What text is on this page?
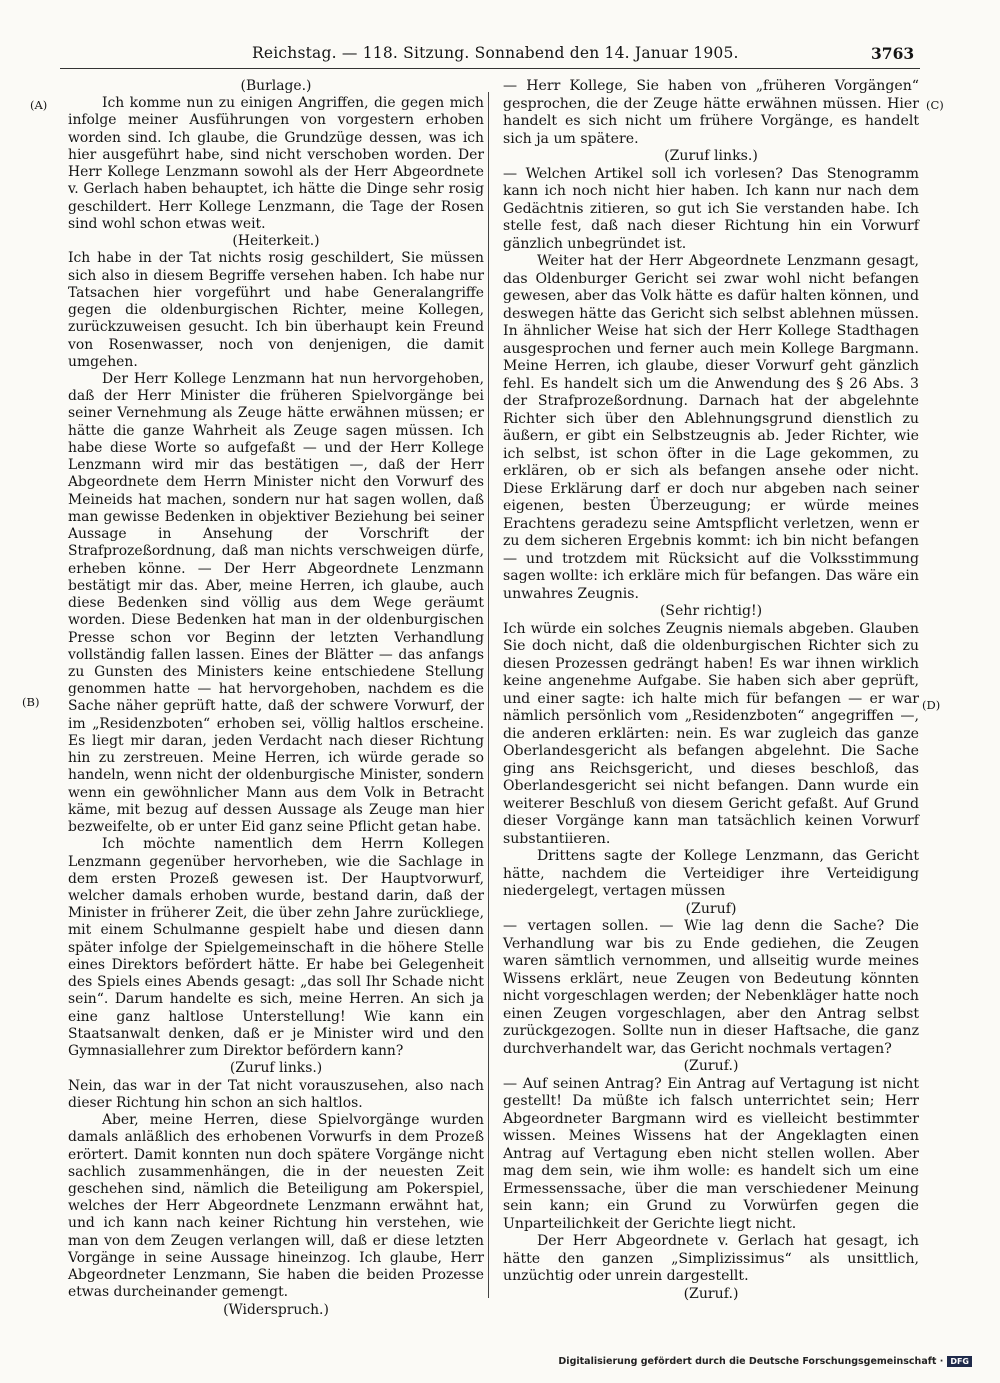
Reichstag. — 118. Sitzung. Sonnabend den 14. Januar 1905.	3763
(A)
(B)
(C)
(D)

(Burlage.)

Ich komme nun zu einigen Angriffen, die gegen mich infolge meiner Ausführungen von vorgestern erhoben worden sind. Ich glaube, die Grundzüge dessen, was ich hier ausgeführt habe, sind nicht verschoben worden. Der Herr Kollege Lenzmann sowohl als der Herr Abgeordnete v. Gerlach haben behauptet, ich hätte die Dinge sehr rosig geschildert. Herr Kollege Lenzmann, die Tage der Rosen sind wohl schon etwas weit.

(Heiterkeit.)

Ich habe in der Tat nichts rosig geschildert, Sie müssen sich also in diesem Begriffe versehen haben. Ich habe nur Tatsachen hier vorgeführt und habe Generalangriffe gegen die oldenburgischen Richter, meine Kollegen, zurückzuweisen gesucht. Ich bin überhaupt kein Freund von Rosenwasser, noch von denjenigen, die damit umgehen.

Der Herr Kollege Lenzmann hat nun hervorgehoben, daß der Herr Minister die früheren Spielvorgänge bei seiner Vernehmung als Zeuge hätte erwähnen müssen; er hätte die ganze Wahrheit als Zeuge sagen müssen. Ich habe diese Worte so aufgefaßt — und der Herr Kollege Lenzmann wird mir das bestätigen —, daß der Herr Abgeordnete dem Herrn Minister nicht den Vorwurf des Meineids hat machen, sondern nur hat sagen wollen, daß man gewisse Bedenken in objektiver Beziehung bei seiner Aussage in Ansehung der Vorschrift der Strafprozeßordnung, daß man nichts verschweigen dürfe, erheben könne. — Der Herr Abgeordnete Lenzmann bestätigt mir das. Aber, meine Herren, ich glaube, auch diese Bedenken sind völlig aus dem Wege geräumt worden. Diese Bedenken hat man in der oldenburgischen Presse schon vor Beginn der letzten Verhandlung vollständig fallen lassen. Eines der Blätter — das anfangs zu Gunsten des Ministers keine entschiedene Stellung genommen hatte — hat hervorgehoben, nachdem es die Sache näher geprüft hatte, daß der schwere Vorwurf, der im „Residenzboten“ erhoben sei, völlig haltlos erscheine. Es liegt mir daran, jeden Verdacht nach dieser Richtung hin zu zerstreuen. Meine Herren, ich würde gerade so handeln, wenn nicht der oldenburgische Minister, sondern wenn ein gewöhnlicher Mann aus dem Volk in Betracht käme, mit bezug auf dessen Aussage als Zeuge man hier bezweifelte, ob er unter Eid ganz seine Pflicht getan habe.

Ich möchte namentlich dem Herrn Kollegen Lenzmann gegenüber hervorheben, wie die Sachlage in dem ersten Prozeß gewesen ist. Der Hauptvorwurf, welcher damals erhoben wurde, bestand darin, daß der Minister in früherer Zeit, die über zehn Jahre zurückliege, mit einem Schulmanne gespielt habe und diesen dann später infolge der Spielgemeinschaft in die höhere Stelle eines Direktors befördert hätte. Er habe bei Gelegenheit des Spiels eines Abends gesagt: „das soll Ihr Schade nicht sein“. Darum handelte es sich, meine Herren. An sich ja eine ganz haltlose Unterstellung! Wie kann ein Staatsanwalt denken, daß er je Minister wird und den Gymnasiallehrer zum Direktor befördern kann?

(Zuruf links.)

Nein, das war in der Tat nicht vorauszusehen, also nach dieser Richtung hin schon an sich haltlos.

Aber, meine Herren, diese Spielvorgänge wurden damals anläßlich des erhobenen Vorwurfs in dem Prozeß erörtert. Damit konnten nun doch spätere Vorgänge nicht sachlich zusammenhängen, die in der neuesten Zeit geschehen sind, nämlich die Beteiligung am Pokerspiel, welches der Herr Abgeordnete Lenzmann erwähnt hat, und ich kann nach keiner Richtung hin verstehen, wie man von dem Zeugen verlangen will, daß er diese letzten Vorgänge in seine Aussage hineinzog. Ich glaube, Herr Abgeordneter Lenzmann, Sie haben die beiden Prozesse etwas durcheinander gemengt.

(Widerspruch.)

— Herr Kollege, Sie haben von „früheren Vorgängen“ gesprochen, die der Zeuge hätte erwähnen müssen. Hier handelt es sich nicht um frühere Vorgänge, es handelt sich ja um spätere.

(Zuruf links.)

— Welchen Artikel soll ich vorlesen? Das Stenogramm kann ich noch nicht hier haben. Ich kann nur nach dem Gedächtnis zitieren, so gut ich Sie verstanden habe. Ich stelle fest, daß nach dieser Richtung hin ein Vorwurf gänzlich unbegründet ist.

Weiter hat der Herr Abgeordnete Lenzmann gesagt, das Oldenburger Gericht sei zwar wohl nicht befangen gewesen, aber das Volk hätte es dafür halten können, und deswegen hätte das Gericht sich selbst ablehnen müssen. In ähnlicher Weise hat sich der Herr Kollege Stadthagen ausgesprochen und ferner auch mein Kollege Bargmann. Meine Herren, ich glaube, dieser Vorwurf geht gänzlich fehl. Es handelt sich um die Anwendung des § 26 Abs. 3 der Strafprozeßordnung. Darnach hat der abgelehnte Richter sich über den Ablehnungsgrund dienstlich zu äußern, er gibt ein Selbstzeugnis ab. Jeder Richter, wie ich selbst, ist schon öfter in die Lage gekommen, zu erklären, ob er sich als befangen ansehe oder nicht. Diese Erklärung darf er doch nur abgeben nach seiner eigenen, besten Überzeugung; er würde meines Erachtens geradezu seine Amtspflicht verletzen, wenn er zu dem sicheren Ergebnis kommt: ich bin nicht befangen — und trotzdem mit Rücksicht auf die Volksstimmung sagen wollte: ich erkläre mich für befangen. Das wäre ein unwahres Zeugnis.

(Sehr richtig!)

Ich würde ein solches Zeugnis niemals abgeben. Glauben Sie doch nicht, daß die oldenburgischen Richter sich zu diesen Prozessen gedrängt haben! Es war ihnen wirklich keine angenehme Aufgabe. Sie haben sich aber geprüft, und einer sagte: ich halte mich für befangen — er war nämlich persönlich vom „Residenzboten“ angegriffen —, die anderen erklärten: nein. Es war zugleich das ganze Oberlandesgericht als befangen abgelehnt. Die Sache ging ans Reichsgericht, und dieses beschloß, das Oberlandesgericht sei nicht befangen. Dann wurde ein weiterer Beschluß von diesem Gericht gefaßt. Auf Grund dieser Vorgänge kann man tatsächlich keinen Vorwurf substantiieren.

Drittens sagte der Kollege Lenzmann, das Gericht hätte, nachdem die Verteidiger ihre Verteidigung niedergelegt, vertagen müssen

(Zuruf)

— vertagen sollen. — Wie lag denn die Sache? Die Verhandlung war bis zu Ende gediehen, die Zeugen waren sämtlich vernommen, und allseitig wurde meines Wissens erklärt, neue Zeugen von Bedeutung könnten nicht vorgeschlagen werden; der Nebenkläger hatte noch einen Zeugen vorgeschlagen, aber den Antrag selbst zurückgezogen. Sollte nun in dieser Haftsache, die ganz durchverhandelt war, das Gericht nochmals vertagen?

(Zuruf.)

— Auf seinen Antrag? Ein Antrag auf Vertagung ist nicht gestellt! Da müßte ich falsch unterrichtet sein; Herr Abgeordneter Bargmann wird es vielleicht bestimmter wissen. Meines Wissens hat der Angeklagten einen Antrag auf Vertagung eben nicht stellen wollen. Aber mag dem sein, wie ihm wolle: es handelt sich um eine Ermessenssache, über die man verschiedener Meinung sein kann; ein Grund zu Vorwürfen gegen die Unparteilichkeit der Gerichte liegt nicht.

Der Herr Abgeordnete v. Gerlach hat gesagt, ich hätte den ganzen „Simplizissimus“ als unsittlich, unzüchtig oder unrein dargestellt.

(Zuruf.)

Digitalisierung gefördert durch die Deutsche Forschungsgemeinschaft · DFG
